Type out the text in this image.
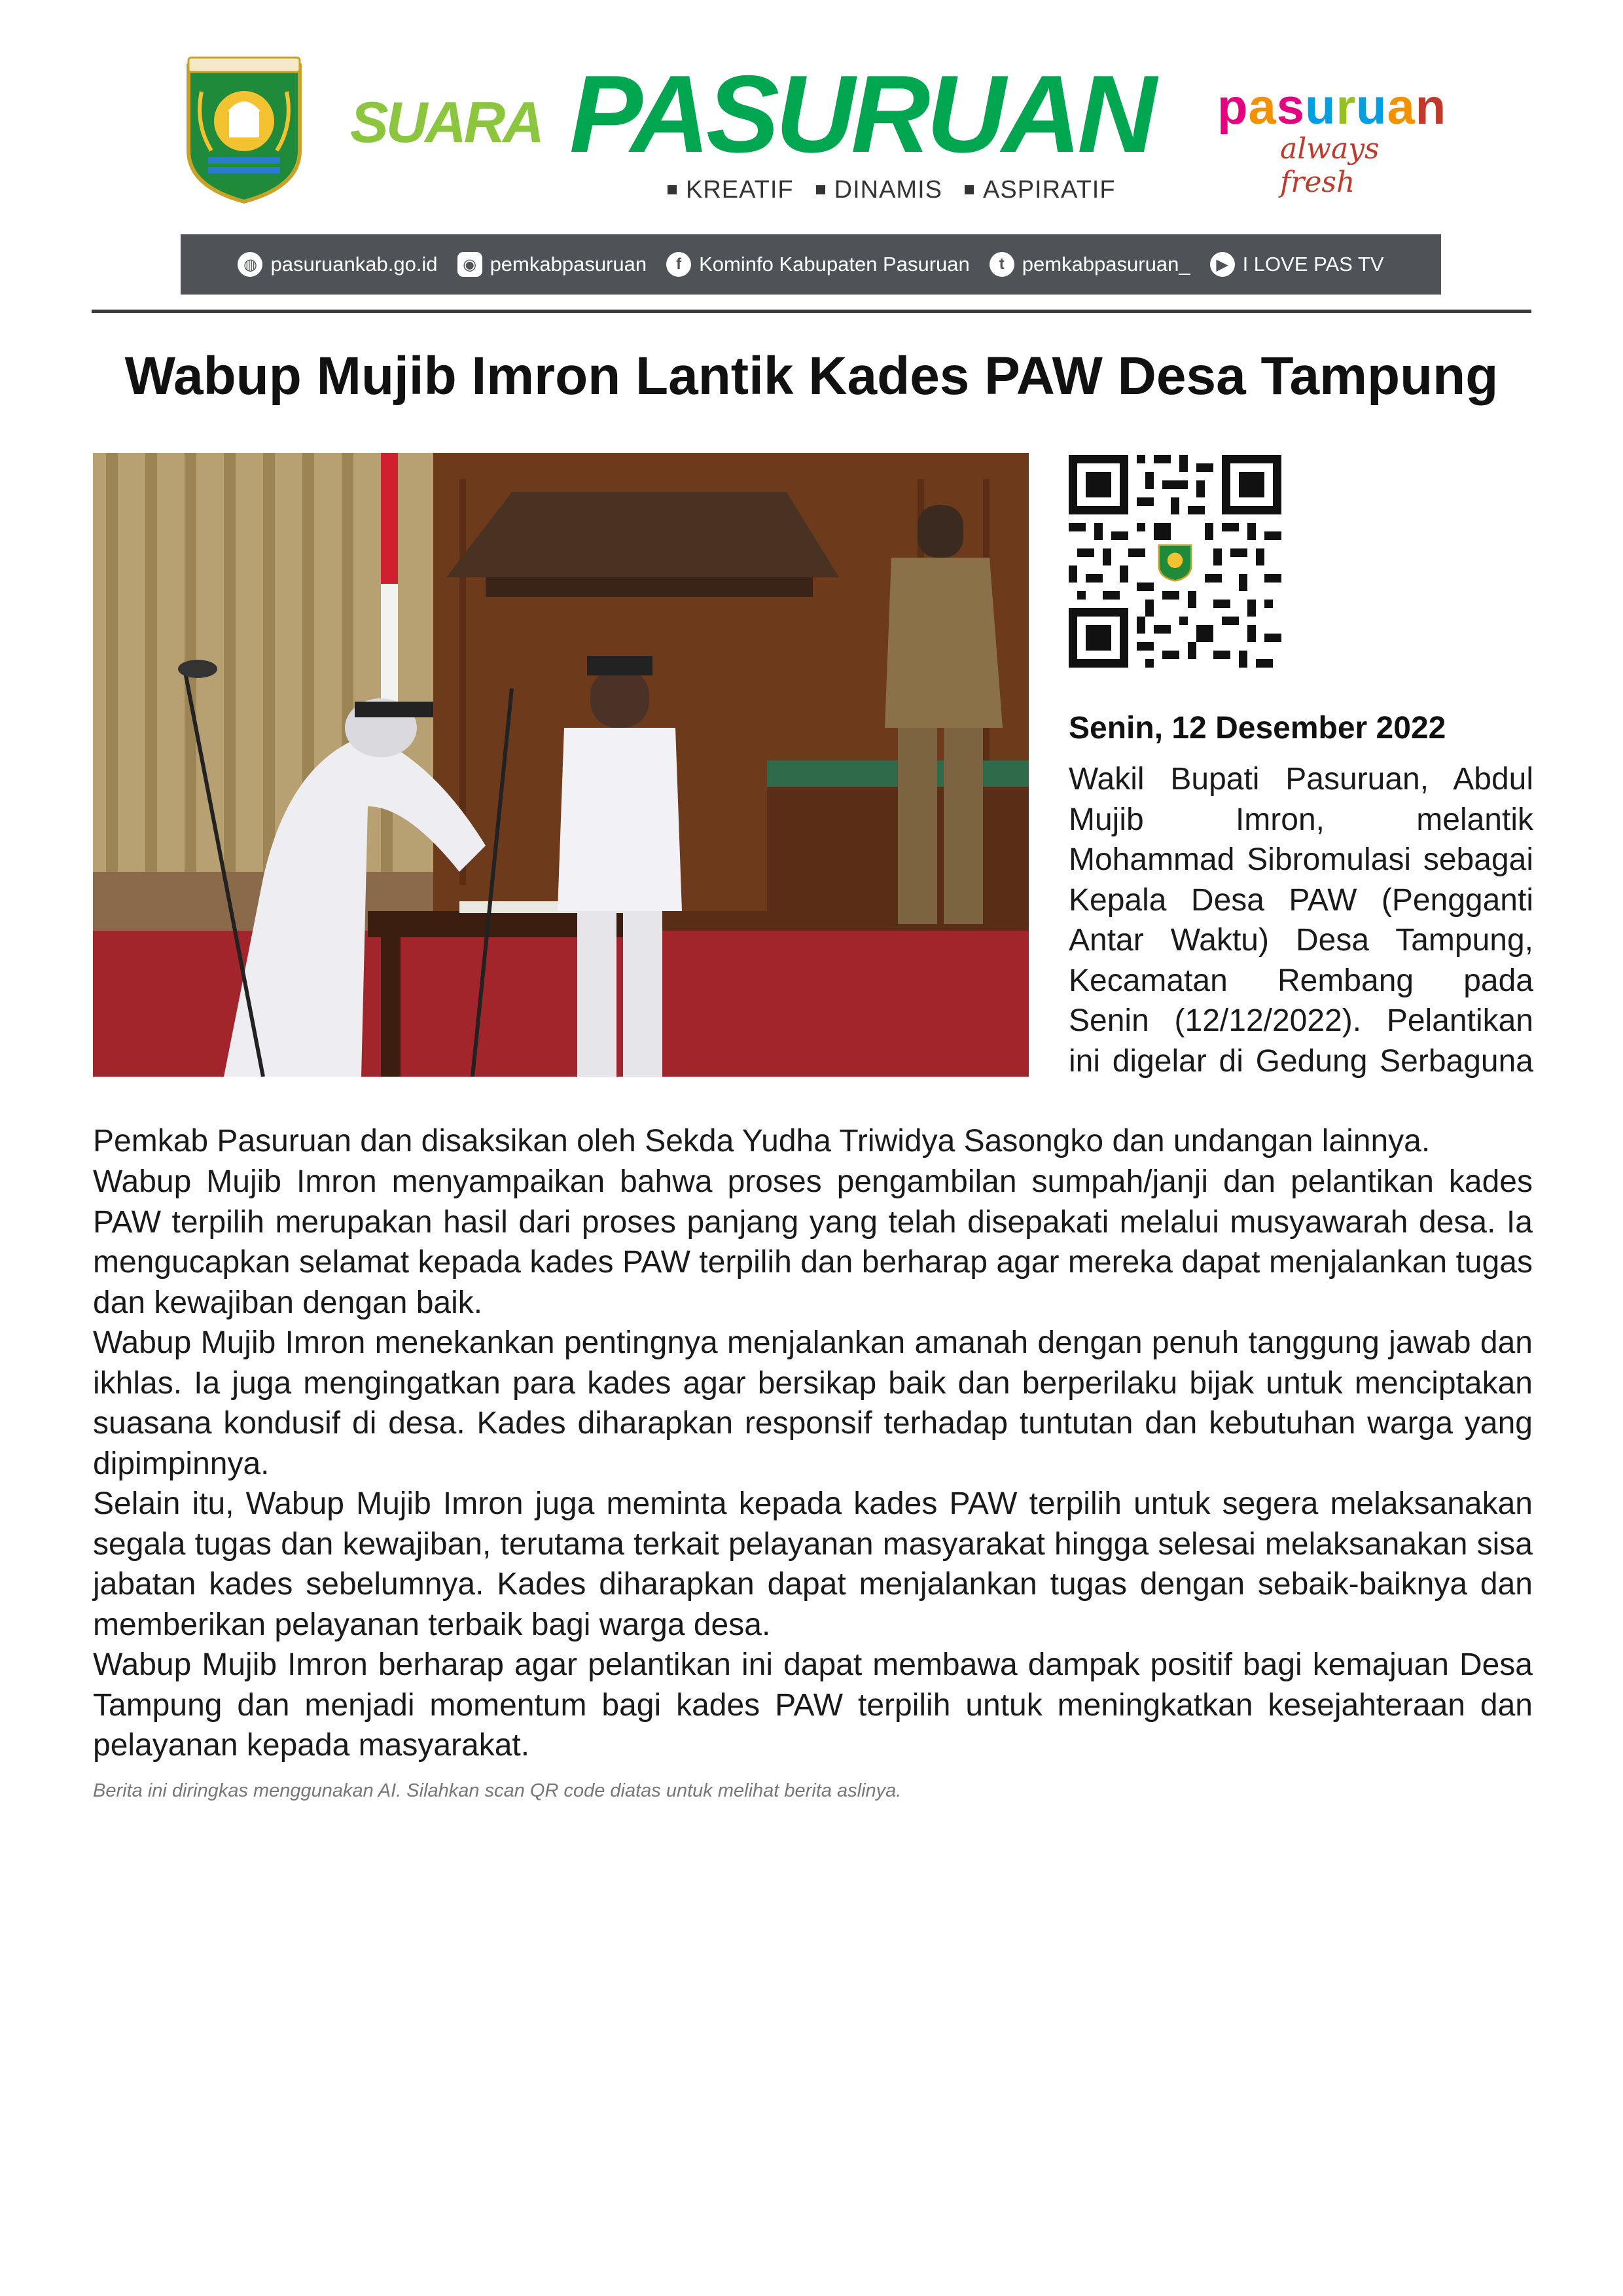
SUARA PASURUAN
KREATIF DINAMIS ASPIRATIF
pasuruan
always fresh
◍ pasuruankab.go.id	◉ pemkabpasuruan	f Kominfo Kabupaten Pasuruan	t pemkabpasuruan_	▶ I LOVE PAS TV
Wabup Mujib Imron Lantik Kades PAW Desa Tampung
Senin, 12 Desember 2022
Wakil Bupati Pasuruan, Abdul Mujib Imron, melantik Mohammad Sibromulasi sebagai Kepala Desa PAW (Pengganti Antar Waktu) Desa Tampung, Kecamatan Rembang pada Senin (12/12/2022). Pelantikan ini digelar di Gedung Serbaguna
Pemkab Pasuruan dan disaksikan oleh Sekda Yudha Triwidya Sasongko dan undangan lainnya.

Wabup Mujib Imron menyampaikan bahwa proses pengambilan sumpah/janji dan pelantikan kades PAW terpilih merupakan hasil dari proses panjang yang telah disepakati melalui musyawarah desa. Ia mengucapkan selamat kepada kades PAW terpilih dan berharap agar mereka dapat menjalankan tugas dan kewajiban dengan baik.

Wabup Mujib Imron menekankan pentingnya menjalankan amanah dengan penuh tanggung jawab dan ikhlas. Ia juga mengingatkan para kades agar bersikap baik dan berperilaku bijak untuk menciptakan suasana kondusif di desa. Kades diharapkan responsif terhadap tuntutan dan kebutuhan warga yang dipimpinnya.

Selain itu, Wabup Mujib Imron juga meminta kepada kades PAW terpilih untuk segera melaksanakan segala tugas dan kewajiban, terutama terkait pelayanan masyarakat hingga selesai melaksanakan sisa jabatan kades sebelumnya. Kades diharapkan dapat menjalankan tugas dengan sebaik-baiknya dan memberikan pelayanan terbaik bagi warga desa.

Wabup Mujib Imron berharap agar pelantikan ini dapat membawa dampak positif bagi kemajuan Desa Tampung dan menjadi momentum bagi kades PAW terpilih untuk meningkatkan kesejahteraan dan pelayanan kepada masyarakat.

Berita ini diringkas menggunakan AI. Silahkan scan QR code diatas untuk melihat berita aslinya.
